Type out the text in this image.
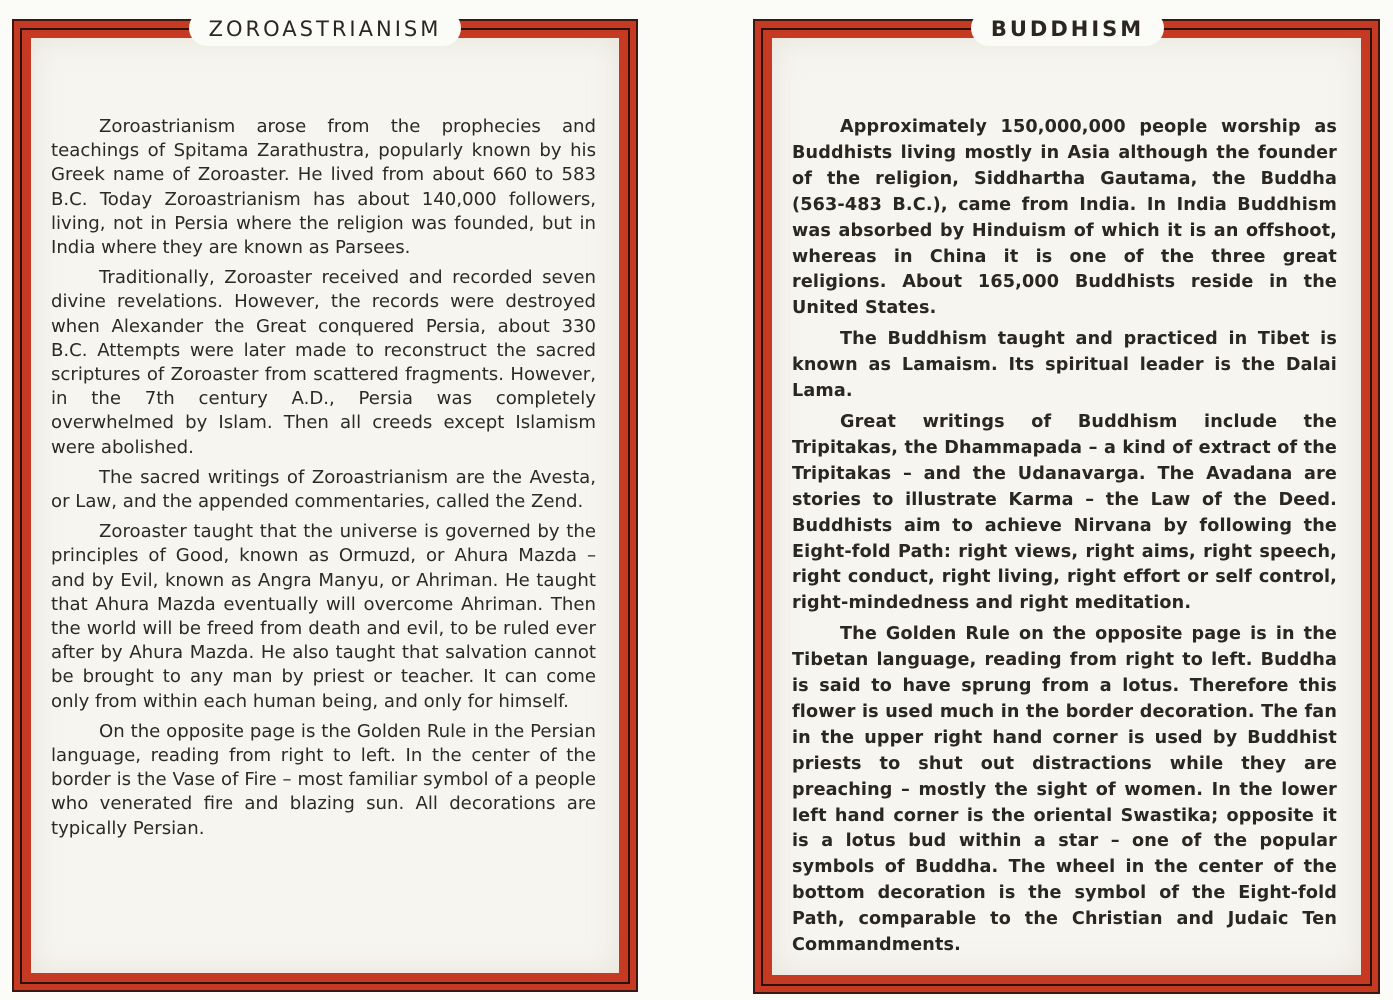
ZOROASTRIANISM

Zoroastrianism arose from the prophecies and teachings of Spitama Zarathustra, popularly known by his Greek name of Zoroaster. He lived from about 660 to 583 B.C. Today Zoroastrianism has about 140,000 followers, living, not in Persia where the religion was founded, but in India where they are known as Parsees.

Traditionally, Zoroaster received and recorded seven divine revelations. However, the records were destroyed when Alexander the Great conquered Persia, about 330 B.C. Attempts were later made to reconstruct the sacred scriptures of Zoroaster from scattered fragments. However, in the 7th century A.D., Persia was completely overwhelmed by Islam. Then all creeds except Islamism were abolished.

The sacred writings of Zoroastrianism are the Avesta, or Law, and the appended commentaries, called the Zend.

Zoroaster taught that the universe is governed by the principles of Good, known as Ormuzd, or Ahura Mazda – and by Evil, known as Angra Manyu, or Ahriman. He taught that Ahura Mazda eventually will overcome Ahriman. Then the world will be freed from death and evil, to be ruled ever after by Ahura Mazda. He also taught that salvation cannot be brought to any man by priest or teacher. It can come only from within each human being, and only for himself.

On the opposite page is the Golden Rule in the Persian language, reading from right to left. In the center of the border is the Vase of Fire – most familiar symbol of a people who venerated fire and blazing sun. All decorations are typically Persian.

BUDDHISM

Approximately 150,000,000 people worship as Buddhists living mostly in Asia although the founder of the religion, Siddhartha Gautama, the Buddha (563-483 B.C.), came from India. In India Buddhism was absorbed by Hinduism of which it is an offshoot, whereas in China it is one of the three great religions. About 165,000 Buddhists reside in the United States.

The Buddhism taught and practiced in Tibet is known as Lamaism. Its spiritual leader is the Dalai Lama.

Great writings of Buddhism include the Tripitakas, the Dhammapada – a kind of extract of the Tripitakas – and the Udanavarga. The Avadana are stories to illustrate Karma – the Law of the Deed. Buddhists aim to achieve Nirvana by following the Eight-fold Path: right views, right aims, right speech, right conduct, right living, right effort or self control, right-mindedness and right meditation.

The Golden Rule on the opposite page is in the Tibetan language, reading from right to left. Buddha is said to have sprung from a lotus. Therefore this flower is used much in the border decoration. The fan in the upper right hand corner is used by Buddhist priests to shut out distractions while they are preaching – mostly the sight of women. In the lower left hand corner is the oriental Swastika; opposite it is a lotus bud within a star – one of the popular symbols of Buddha. The wheel in the center of the bottom decoration is the symbol of the Eight-fold Path, comparable to the Christian and Judaic Ten Commandments.
